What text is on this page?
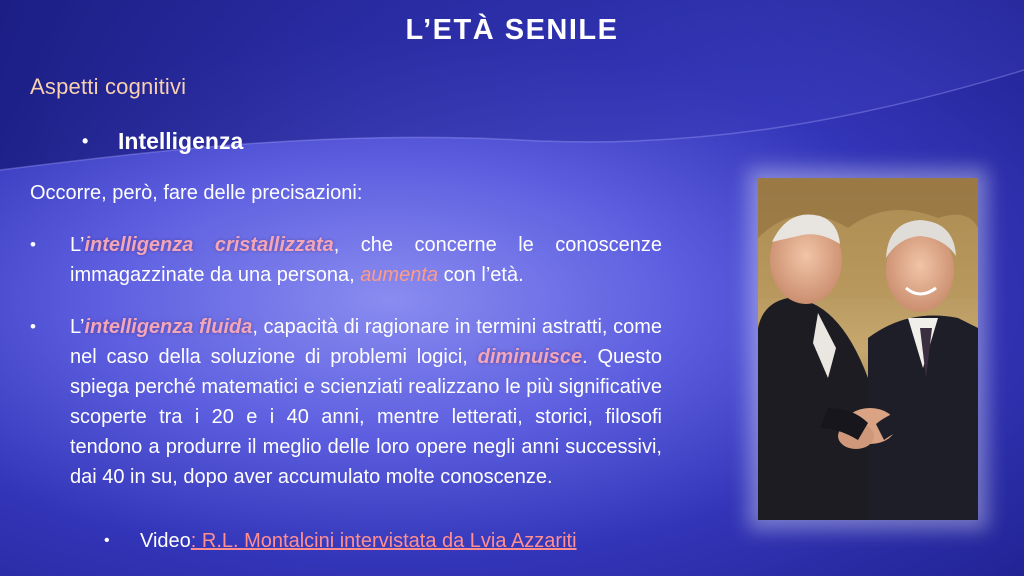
L’ETÀ SENILE
Aspetti cognitivi
• Intelligenza
Occorre, però, fare delle precisazioni:
• L’intelligenza cristallizzata, che concerne le conoscenze immagazzinate da una persona, aumenta con l’età.
• L’intelligenza fluida, capacità di ragionare in termini astratti, come nel caso della soluzione di problemi logici, diminuisce. Questo spiega perché matematici e scienziati realizzano le più significative scoperte tra i 20 e i 40 anni, mentre letterati, storici, filosofi tendono a produrre il meglio delle loro opere negli anni successivi, dai 40 in su, dopo aver accumulato molte conoscenze.
• Video: R.L. Montalcini intervistata da Lvia Azzariti
